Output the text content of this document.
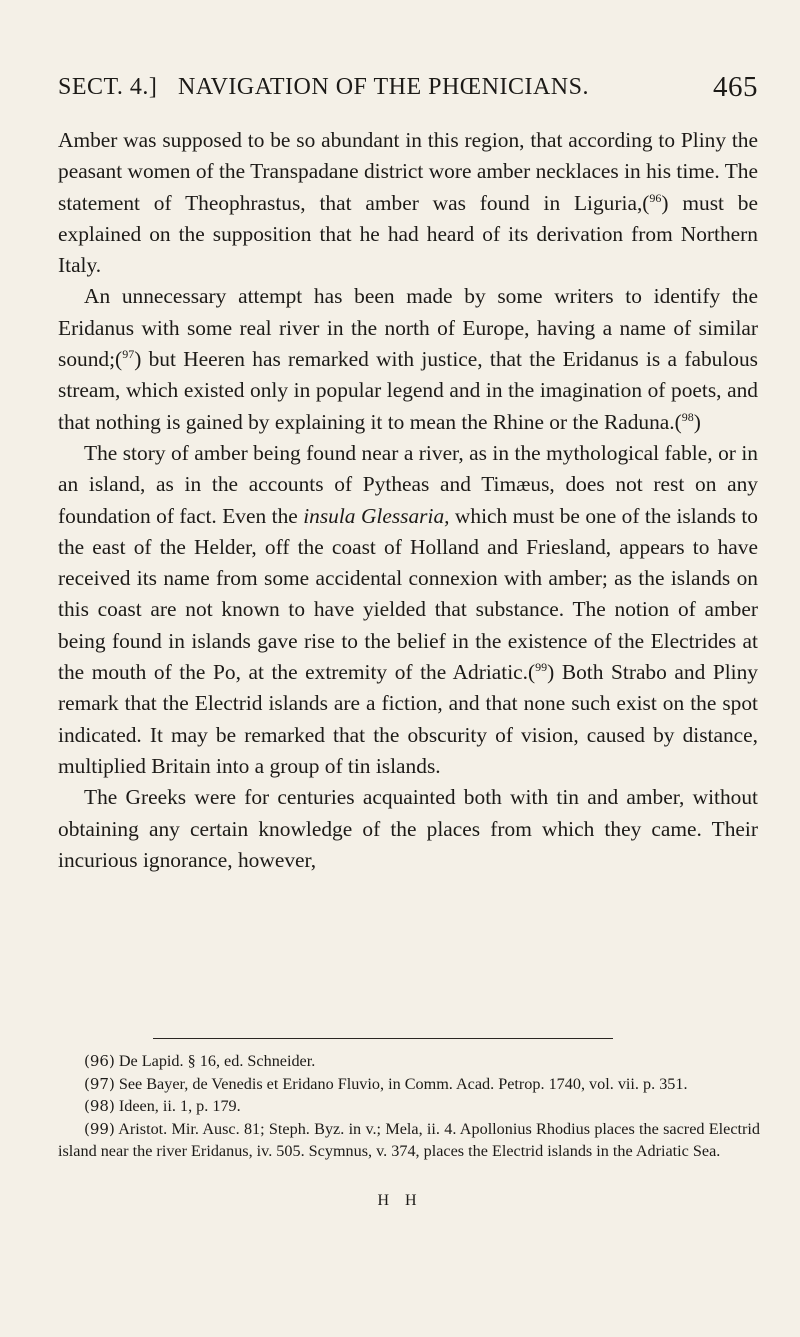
SECT. 4.] NAVIGATION OF THE PHŒNICIANS.	465

Amber was supposed to be so abundant in this region, that according to Pliny the peasant women of the Transpadane district wore amber necklaces in his time. The statement of Theophrastus, that amber was found in Liguria,($^{96}$) must be explained on the supposition that he had heard of its derivation from Northern Italy.

An unnecessary attempt has been made by some writers to identify the Eridanus with some real river in the north of Europe, having a name of similar sound;($^{97}$) but Heeren has remarked with justice, that the Eridanus is a fabulous stream, which existed only in popular legend and in the imagination of poets, and that nothing is gained by explaining it to mean the Rhine or the Raduna.($^{98}$)

The story of amber being found near a river, as in the mythological fable, or in an island, as in the accounts of Pytheas and Timæus, does not rest on any foundation of fact. Even the insula Glessaria, which must be one of the islands to the east of the Helder, off the coast of Holland and Friesland, appears to have received its name from some accidental connexion with amber; as the islands on this coast are not known to have yielded that substance. The notion of amber being found in islands gave rise to the belief in the existence of the Electrides at the mouth of the Po, at the extremity of the Adriatic.($^{99}$) Both Strabo and Pliny remark that the Electrid islands are a fiction, and that none such exist on the spot indicated. It may be remarked that the obscurity of vision, caused by distance, multiplied Britain into a group of tin islands.

The Greeks were for centuries acquainted both with tin and amber, without obtaining any certain knowledge of the places from which they came. Their incurious ignorance, however,

(96) De Lapid. § 16, ed. Schneider.

(97) See Bayer, de Venedis et Eridano Fluvio, in Comm. Acad. Petrop. 1740, vol. vii. p. 351.

(98) Ideen, ii. 1, p. 179.

(99) Aristot. Mir. Ausc. 81; Steph. Byz. in v.; Mela, ii. 4. Apollonius Rhodius places the sacred Electrid island near the river Eridanus, iv. 505. Scymnus, v. 374, places the Electrid islands in the Adriatic Sea.

H H
